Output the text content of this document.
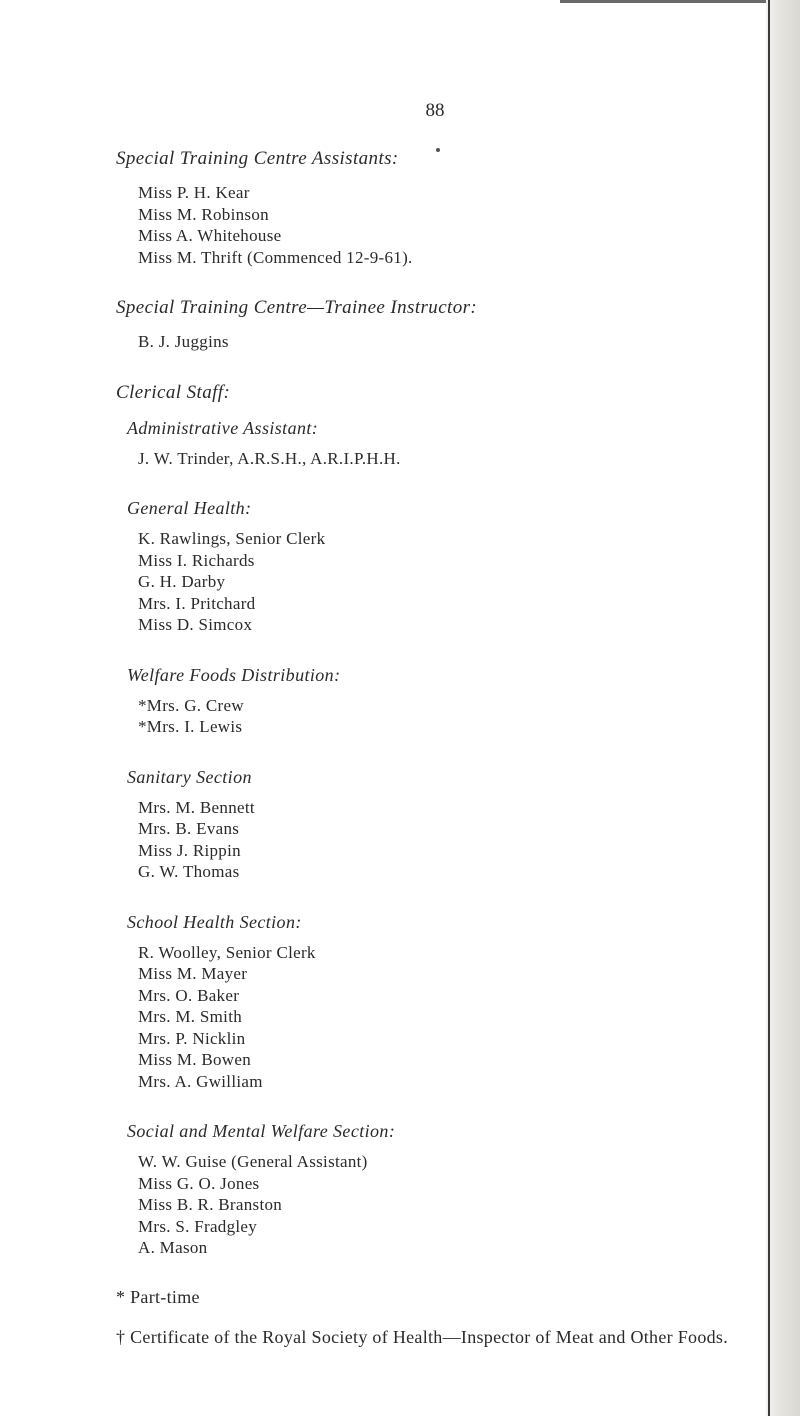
88
Special Training Centre Assistants:
Miss P. H. Kear
Miss M. Robinson
Miss A. Whitehouse
Miss M. Thrift (Commenced 12-9-61).
Special Training Centre—Trainee Instructor:
B. J. Juggins
Clerical Staff:
Administrative Assistant:
J. W. Trinder, A.R.S.H., A.R.I.P.H.H.
General Health:
K. Rawlings, Senior Clerk
Miss I. Richards
G. H. Darby
Mrs. I. Pritchard
Miss D. Simcox
Welfare Foods Distribution:
*Mrs. G. Crew
*Mrs. I. Lewis
Sanitary Section
Mrs. M. Bennett
Mrs. B. Evans
Miss J. Rippin
G. W. Thomas
School Health Section:
R. Woolley, Senior Clerk
Miss M. Mayer
Mrs. O. Baker
Mrs. M. Smith
Mrs. P. Nicklin
Miss M. Bowen
Mrs. A. Gwilliam
Social and Mental Welfare Section:
W. W. Guise (General Assistant)
Miss G. O. Jones
Miss B. R. Branston
Mrs. S. Fradgley
A. Mason
* Part-time
† Certificate of the Royal Society of Health—Inspector of Meat and Other Foods.
